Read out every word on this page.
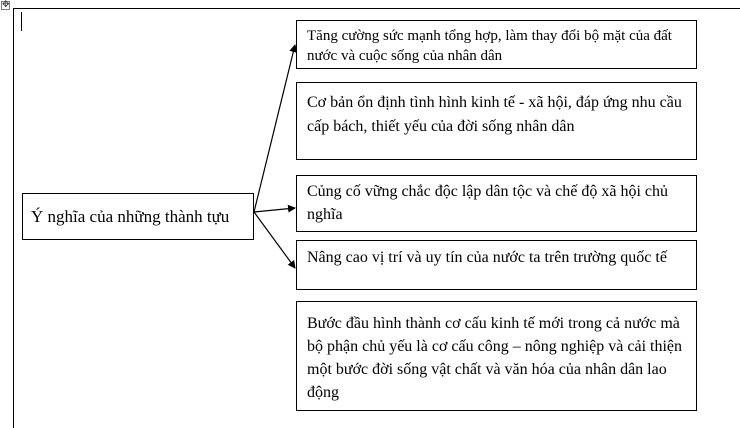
✥
Ý nghĩa của những thành tựu
Tăng cường sức mạnh tổng hợp, làm thay đổi bộ mặt của đất nước và cuộc sống của nhân dân
Cơ bản ổn định tình hình kinh tế - xã hội, đáp ứng nhu cầu cấp bách, thiết yếu của đời sống nhân dân
Củng cố vững chắc độc lập dân tộc và chế độ xã hội chủ nghĩa
Nâng cao vị trí và uy tín của nước ta trên trường quốc tế
Bước đầu hình thành cơ cấu kinh tế mới trong cả nước mà bộ phận chủ yếu là cơ cấu công – nông nghiệp và cải thiện một bước đời sống vật chất và văn hóa của nhân dân lao động
